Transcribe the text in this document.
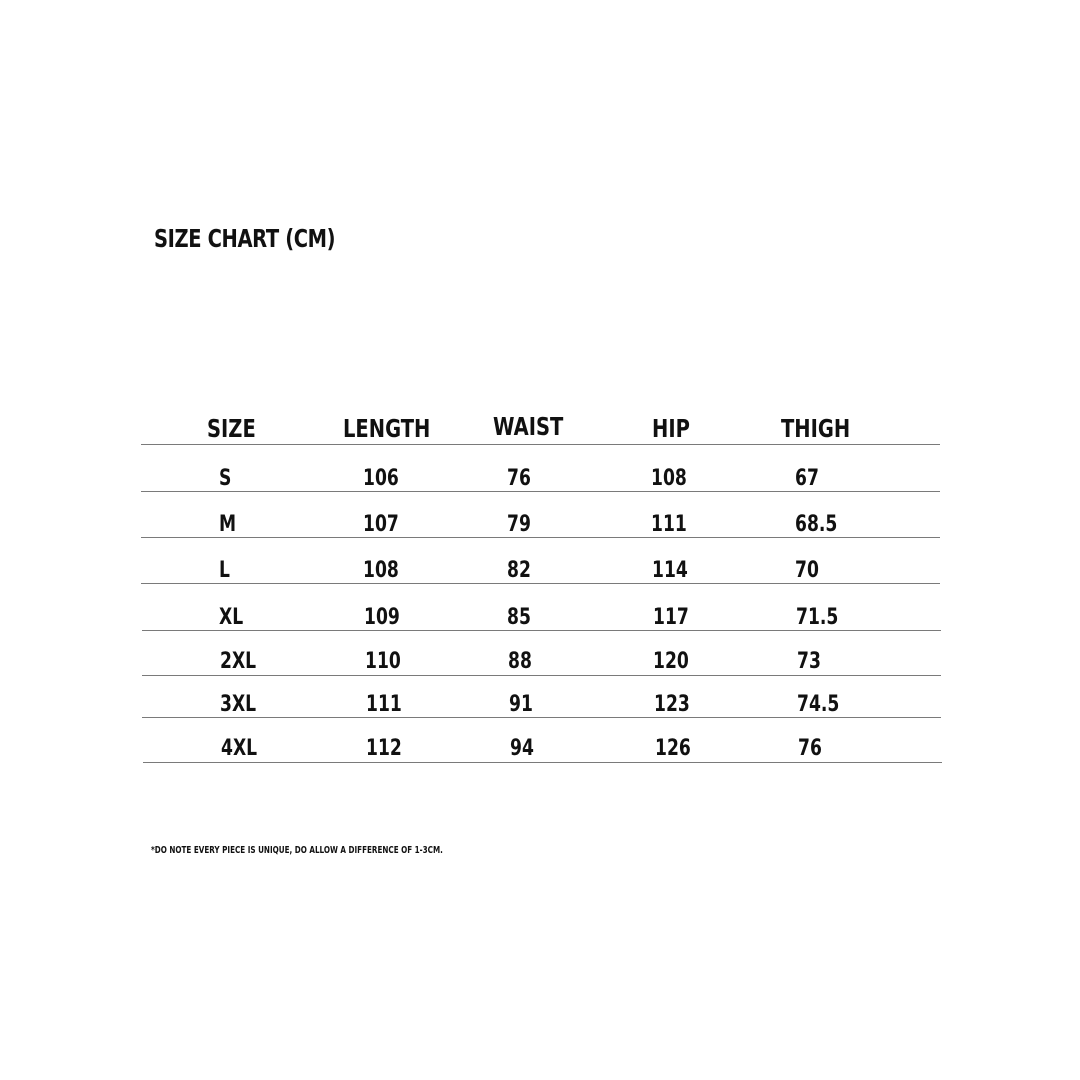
SIZE CHART (CM)
SIZE	LENGTH	WAIST	HIP	THIGH
S	106	76	108	67
M	107	79	111	68.5
L	108	82	114	70
XL	109	85	117	71.5
2XL	110	88	120	73
3XL	111	91	123	74.5
4XL	112	94	126	76
*DO NOTE EVERY PIECE IS UNIQUE, DO ALLOW A DIFFERENCE OF 1-3CM.
